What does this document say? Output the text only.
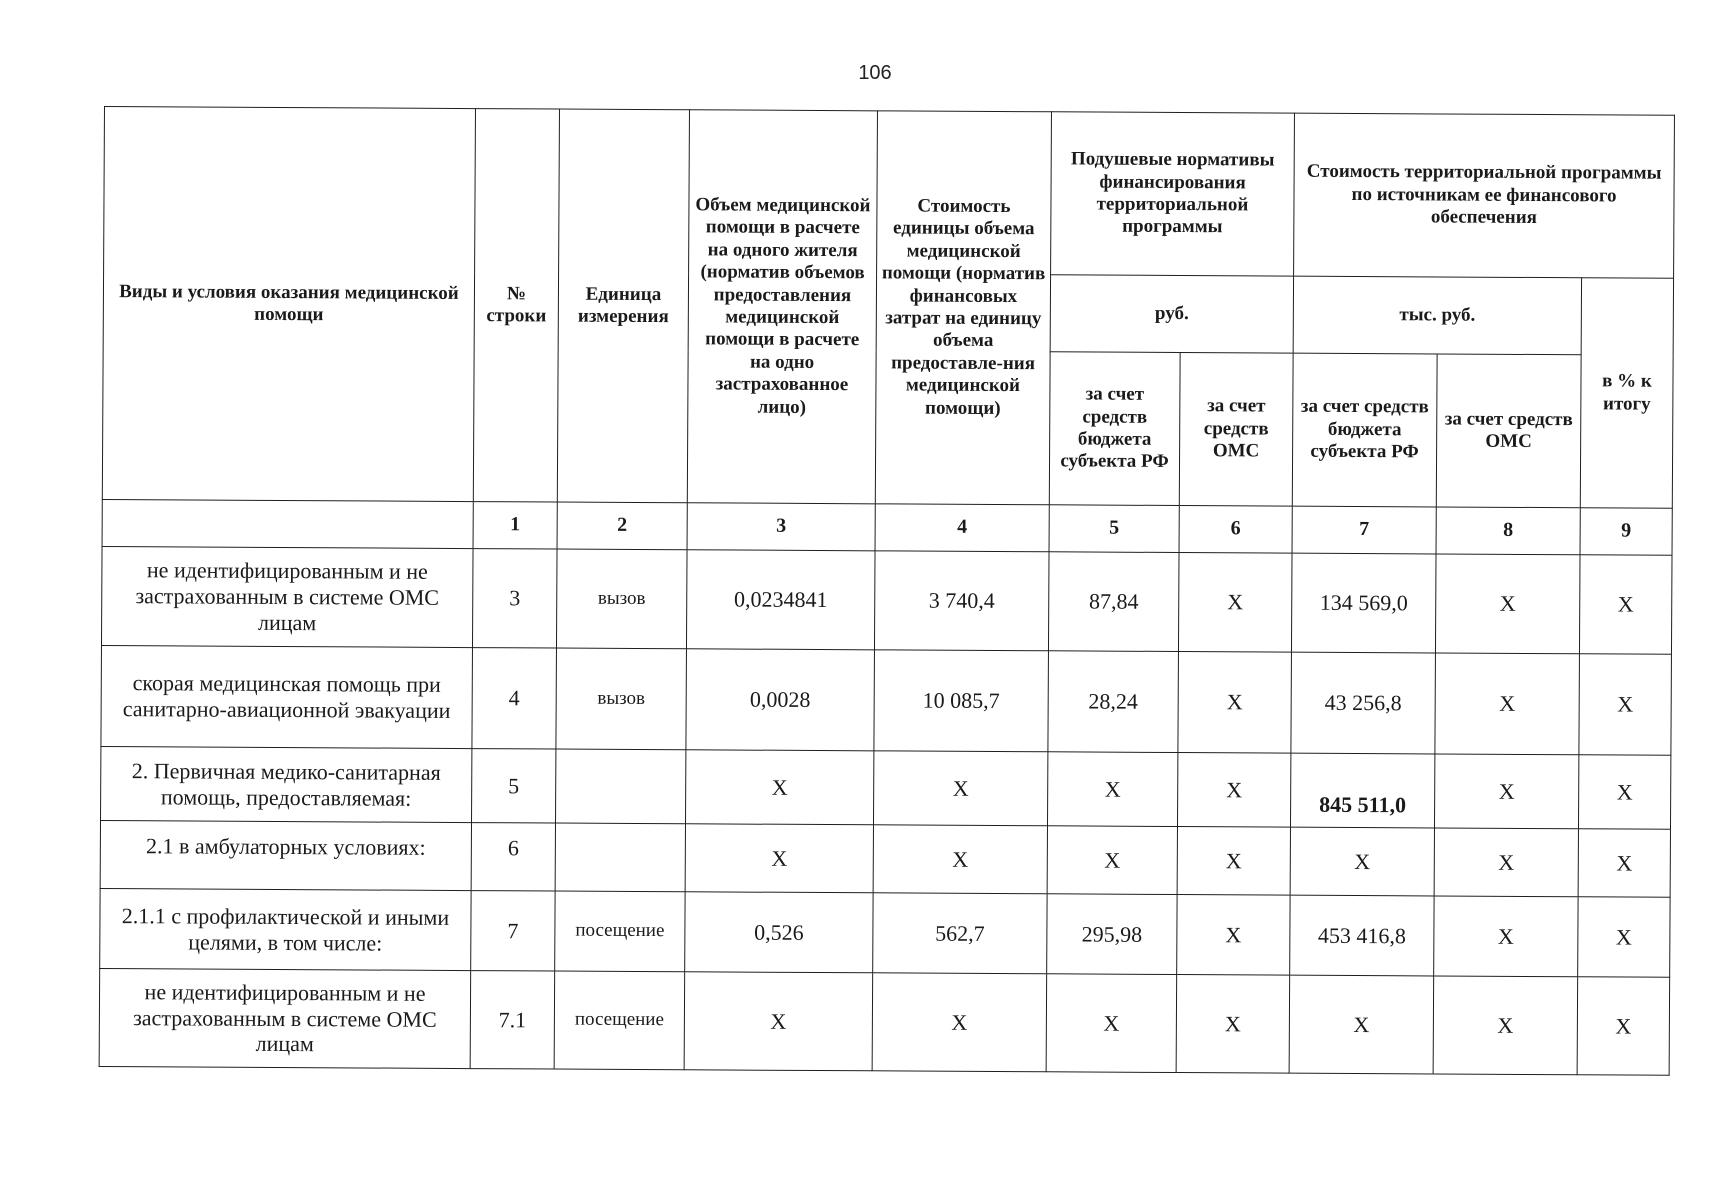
106
Виды и условия оказания медицинской помощи	№ строки	Единица измерения	Объем медицинской помощи в расчете на одного жителя (норматив объемов предоставления медицинской помощи в расчете на одно застрахованное лицо)	Стоимость единицы объема медицинской помощи (норматив финансовых затрат на единицу объема предоставле-ния медицинской помощи)	Подушевые нормативы финансирования территориальной программы		Стоимость территориальной программы по источникам ее финансового обеспечения		
					руб.		тыс. руб.		в % к итогу
					за счет средств бюджета субъекта РФ	за счет средств ОМС	за счет средств бюджета субъекта РФ	за счет средств ОМС	
	1	2	3	4	5	6	7	8	9
не идентифицированным и не застрахованным в системе ОМС лицам	3	вызов	0,0234841	3 740,4	87,84	Х	134 569,0	Х	Х
скорая медицинская помощь при санитарно-авиационной эвакуации	4	вызов	0,0028	10 085,7	28,24	Х	43 256,8	Х	Х
2. Первичная медико-санитарная помощь, предоставляемая:	5		Х	Х	Х	Х	845 511,0	Х	Х
2.1 в амбулаторных условиях:	6		Х	Х	Х	Х	Х	Х	Х
2.1.1 с профилактической и иными целями, в том числе:	7	посещение	0,526	562,7	295,98	Х	453 416,8	Х	Х
не идентифицированным и не застрахованным в системе ОМС лицам	7.1	посещение	Х	Х	Х	Х	Х	Х	Х
